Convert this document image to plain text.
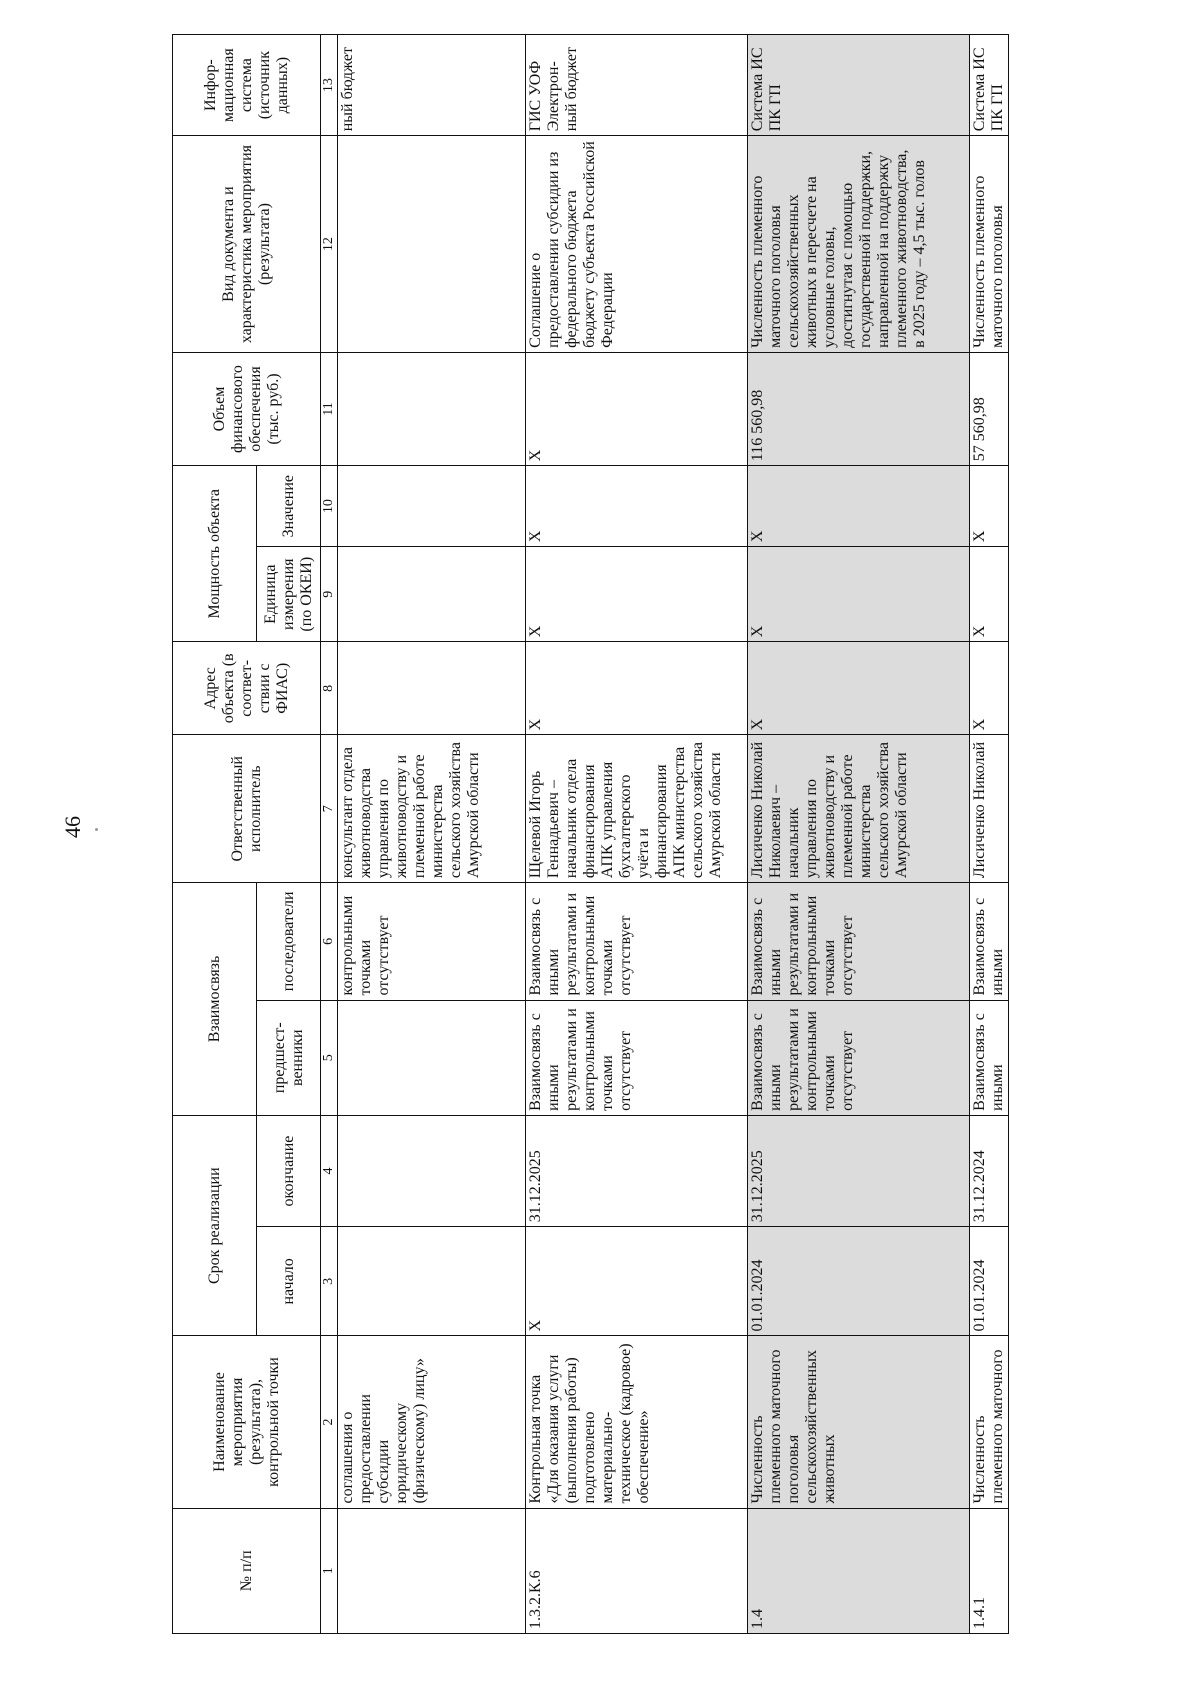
46
№ п/п	Наименование мероприятия (результата), контрольной точки	Срок реализации		Взаимосвязь		Ответственный исполнитель	Адрес объекта (в соответ-ствии с ФИАС)	Мощность объекта		Объем финансового обеспечения (тыс. руб.)	Вид документа и характеристика мероприятия (результата)	Инфор-мационная система (источник данных)
		начало	окончание	предшест-венники	последователи			Единица измерения (по ОКЕИ)	Значение			
1	2	3	4	5	6	7	8	9	10	11	12	13
	соглашения о предоставлении субсидии юридическому (физическому) лицу»				контрольными точками отсутствует	консультант отдела животноводства управления по животноводству и племенной работе министерства сельского хозяйства Амурской области						ный бюджет
1.3.2.К.6	Контрольная точка «Для оказания услуги (выполнения работы) подготовлено материально-техническое (кадровое) обеспечение»	X	31.12.2025	Взаимосвязь с иными результатами и контрольными точками отсутствует	Взаимосвязь с иными результатами и контрольными точками отсутствует	Щелевой Игорь Геннадьевич – начальник отдела финансирования АПК управления бухгалтерского учёта и финансирования АПК министерства сельского хозяйства Амурской области	X	X	X	X	Соглашение о предоставлении субсидии из федерального бюджета бюджету субъекта Российской Федерации	ГИС УОФ Электрон-ный бюджет
1.4	Численность племенного маточного поголовья сельскохозяйственных животных	01.01.2024	31.12.2025	Взаимосвязь с иными результатами и контрольными точками отсутствует	Взаимосвязь с иными результатами и контрольными точками отсутствует	Лисиченко Николай Николаевич – начальник управления по животноводству и племенной работе министерства сельского хозяйства Амурской области	X	X	X	116 560,98	Численность племенного маточного поголовья сельскохозяйственных животных в пересчете на условные головы, достигнутая с помощью государственной поддержки, направленной на поддержку племенного животноводства, в 2025 году – 4,5 тыс. голов	Система ИС ПК ГП
1.4.1	Численность племенного маточного	01.01.2024	31.12.2024	Взаимосвязь с иными	Взаимосвязь с иными	Лисиченко Николай	X	X	X	57 560,98	Численность племенного маточного поголовья	Система ИС ПК ГП
